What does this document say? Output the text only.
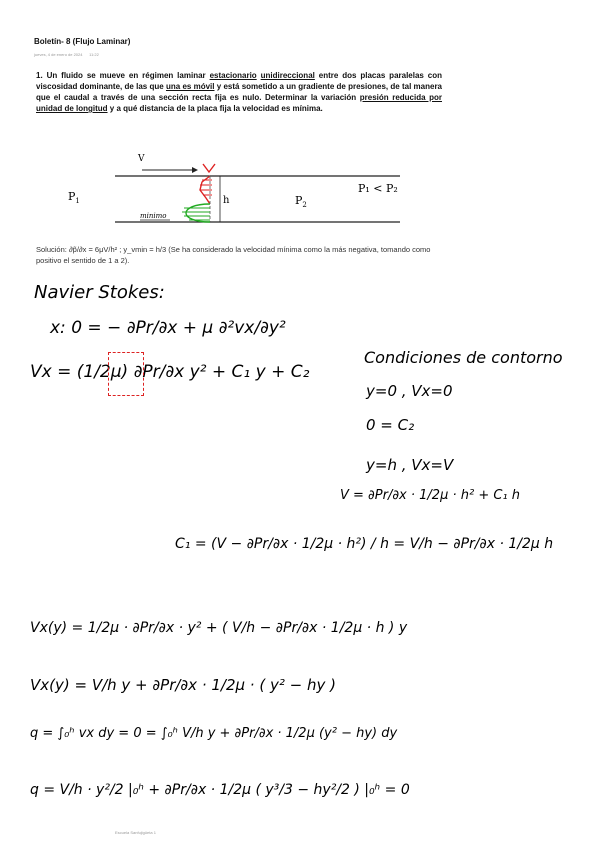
Boletín- 8 (Flujo Laminar)
jueves, 4 de enero de 2024 11:22
1. Un fluido se mueve en régimen laminar estacionario unidireccional entre dos placas paralelas con viscosidad dominante, de las que una es móvil y está sometido a un gradiente de presiones, de tal manera que el caudal a través de una sección recta fija es nulo. Determinar la variación presión reducida por unidad de longitud y a qué distancia de la placa fija la velocidad es mínima.
V
h
$P_1$	$P_2$
P₁ < P₂
minimo
Solución: ∂p̃/∂x = 6μV/h² ; y_vmin = h/3 (Se ha considerado la velocidad mínima como la más negativa, tomando como positivo el sentido de 1 a 2).
Navier Stokes:
x: 0 = − ∂Pr/∂x + μ ∂²vx/∂y²
Vx = (1/2μ) ∂Pr/∂x y² + C₁ y + C₂
Condiciones de contorno
y=0 , Vx=0
0 = C₂
y=h , Vx=V
V = ∂Pr/∂x · 1/2μ · h² + C₁ h
C₁ = (V − ∂Pr/∂x · 1/2μ · h²) / h = V/h − ∂Pr/∂x · 1/2μ h
Vx(y) = 1/2μ · ∂Pr/∂x · y² + ( V/h − ∂Pr/∂x · 1/2μ · h ) y
Vx(y) = V/h y + ∂Pr/∂x · 1/2μ · ( y² − hy )
q = ∫₀ʰ vx dy = 0 = ∫₀ʰ V/h y + ∂Pr/∂x · 1/2μ (y² − hy) dy
q = V/h · y²/2 |₀ʰ + ∂Pr/∂x · 1/2μ ( y³/3 − hy²/2 ) |₀ʰ = 0
Escuela Sanfujigüeta 1
